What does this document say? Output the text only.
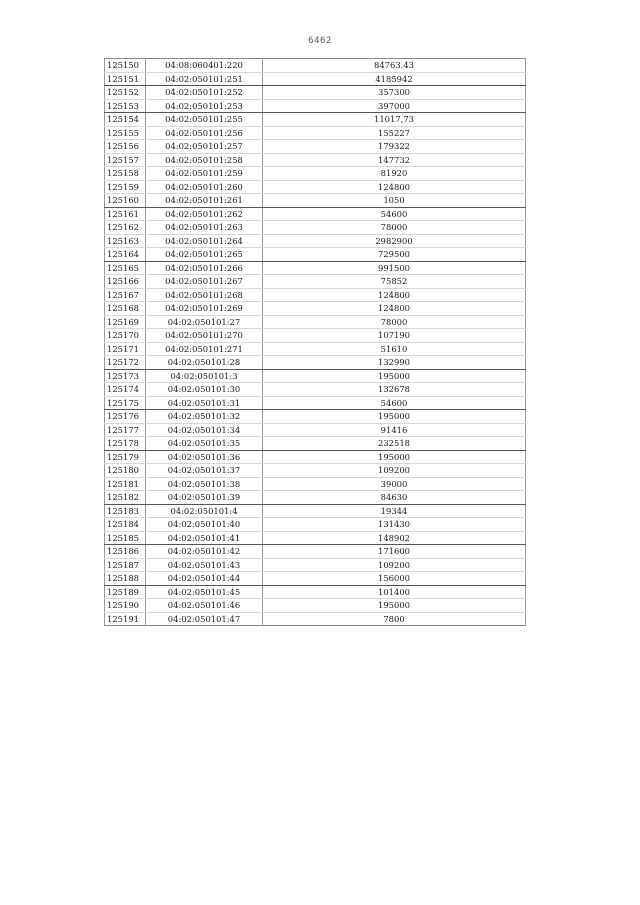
6462
125150	04:08:060401:220	84763.43
125151	04:02:050101:251	4185942
125152	04:02:050101:252	357300
125153	04:02:050101:253	397000
125154	04:02:050101:255	11017,73
125155	04:02:050101:256	155227
125156	04:02:050101:257	179322
125157	04:02:050101:258	147732
125158	04:02:050101:259	81920
125159	04:02:050101:260	124800
125160	04:02:050101:261	1050
125161	04:02:050101:262	54600
125162	04:02:050101:263	78000
125163	04:02:050101:264	2982900
125164	04:02:050101:265	729500
125165	04:02:050101:266	991500
125166	04:02:050101:267	75852
125167	04:02:050101:268	124800
125168	04:02:050101:269	124800
125169	04:02:050101:27	78000
125170	04:02:050101:270	107190
125171	04:02:050101:271	51610
125172	04:02:050101:28	132990
125173	04:02:050101:3	195000
125174	04:02:050101:30	132678
125175	04:02:050101:31	54600
125176	04:02:050101:32	195000
125177	04:02:050101:34	91416
125178	04:02:050101:35	232518
125179	04:02:050101:36	195000
125180	04:02:050101:37	109200
125181	04:02:050101:38	39000
125182	04:02:050101:39	84630
125183	04:02:050101:4	19344
125184	04:02:050101:40	131430
125185	04:02:050101:41	148902
125186	04:02:050101:42	171600
125187	04:02:050101:43	109200
125188	04:02:050101:44	156000
125189	04:02:050101:45	101400
125190	04:02:050101:46	195000
125191	04:02:050101:47	7800
